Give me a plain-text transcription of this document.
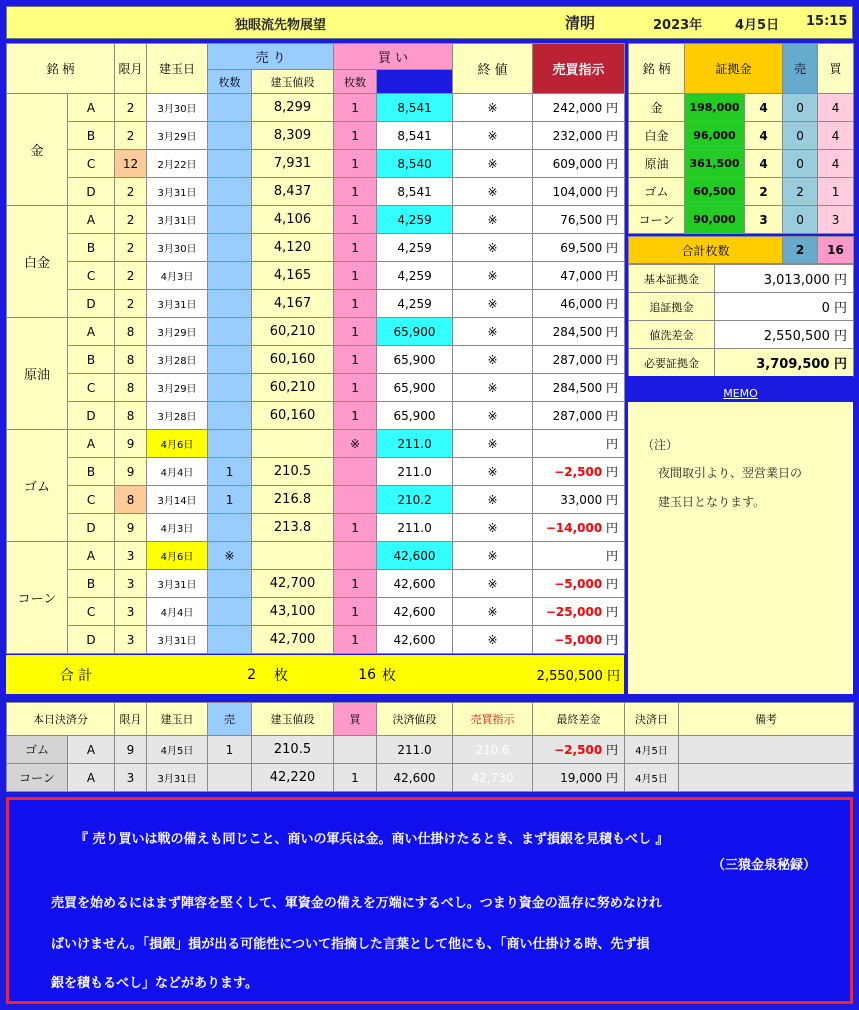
独眼流先物展望	清明	2023年	4月5日 15:15
銘 柄		限月	建玉日	売 り		買 い		終 値	売買指示	
				枚数	建玉値段	枚数				
金	A	2	3月30日		8,299	1	8,541	※	242,000 円	
	B	2	3月29日		8,309	1	8,541	※	232,000 円	
	C	12	2月22日		7,931	1	8,540	※	609,000 円	
	D	2	3月31日		8,437	1	8,541	※	104,000 円	
白金	A	2	3月31日		4,106	1	4,259	※	76,500 円	
	B	2	3月30日		4,120	1	4,259	※	69,500 円	
	C	2	4月3日		4,165	1	4,259	※	47,000 円	
	D	2	3月31日		4,167	1	4,259	※	46,000 円	
原油	A	8	3月29日		60,210	1	65,900	※	284,500 円	
	B	8	3月28日		60,160	1	65,900	※	287,000 円	
	C	8	3月29日		60,210	1	65,900	※	284,500 円	
	D	8	3月28日		60,160	1	65,900	※	287,000 円	
ゴム	A	9	4月6日			※	211.0	※	円	
	B	9	4月4日	1	210.5		211.0	※	−2,500 円	
	C	8	3月14日	1	216.8		210.2	※	33,000 円	
	D	9	4月3日		213.8	1	211.0	※	−14,000 円	
コーン	A	3	4月6日	※			42,600	※	円	
	B	3	3月31日		42,700	1	42,600	※	−5,000 円	
	C	3	4月4日		43,100	1	42,600	※	−25,000 円	
	D	3	3月31日		42,700	1	42,600	※	−5,000 円	
合 計	2	枚	16	枚	2,550,500 円
銘 柄	証拠金		売	買
金	198,000	4	0	4
白金	96,000	4	0	4
原油	361,500	4	0	4
ゴム	60,500	2	2	1
コーン	90,000	3	0	3
合計枚数	2	16
基本証拠金	3,013,000 円
追証拠金	0 円
値洗差金	2,550,500 円
必要証拠金	3,709,500 円
MEMO
（注）
夜間取引より、翌営業日の
建玉日となります。
本日決済分		限月	建玉日	売	建玉値段	買	決済値段	売買指示	最終差金	決済日	備考
ゴム	A	9	4月5日	1	210.5		211.0	210.6	−2,500 円	4月5日	
コーン	A	3	3月31日		42,220	1	42,600	42,730	19,000 円	4月5日	
『 売り買いは戦の備えも同じこと、商いの軍兵は金。商い仕掛けたるとき、まず損銀を見積もべし 』
（三猿金泉秘録）
売買を始めるにはまず陣容を堅くして、軍資金の備えを万端にするべし。つまり資金の温存に努めなけれ
ばいけません。「損銀」損が出る可能性について指摘した言葉として他にも、「商い仕掛ける時、先ず損
銀を積もるべし」などがあります。
